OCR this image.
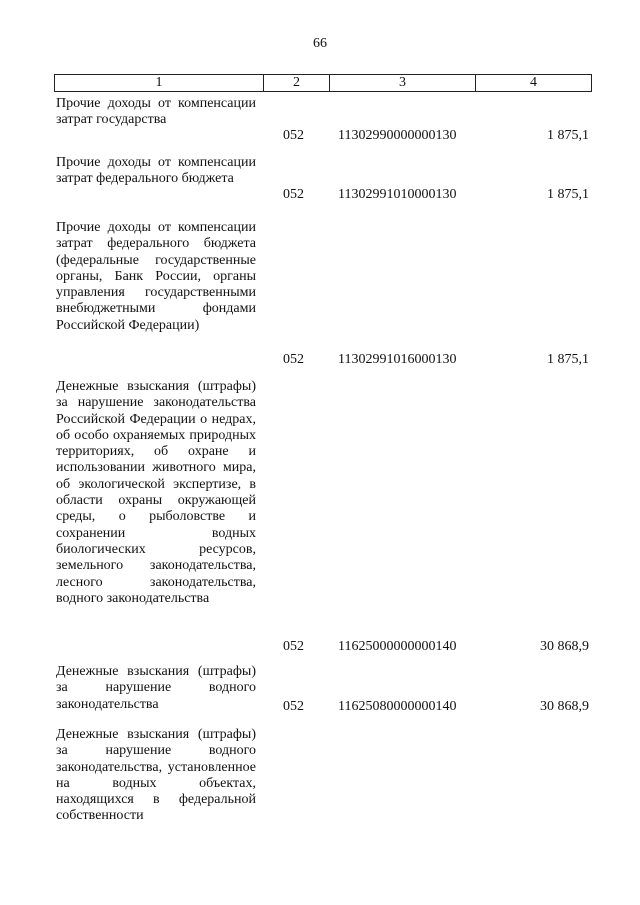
66
1	2	3	4
Прочие доходы от компенсации затрат государства
052 11302990000000130	1 875,1
Прочие доходы от компенсации затрат федерального бюджета
052 11302991010000130	1 875,1
Прочие доходы от компенсации затрат федерального бюджета (федеральные государственные органы, Банк России, органы управления государственными внебюджетными фондами Российской Федерации)
052 11302991016000130	1 875,1
Денежные взыскания (штрафы) за нарушение законодательства Российской Федерации о недрах, об особо охраняемых природных территориях, об охране и использовании животного мира, об экологической экспертизе, в области охраны окружающей среды, о рыболовстве и сохранении водных биологических ресурсов, земельного законодательства, лесного законодательства, водного законодательства
052 11625000000000140	30 868,9
Денежные взыскания (штрафы) за нарушение водного законодательства	052 11625080000000140	30 868,9
Денежные взыскания (штрафы) за нарушение водного законодательства, установленное на водных объектах, находящихся в федеральной собственности
